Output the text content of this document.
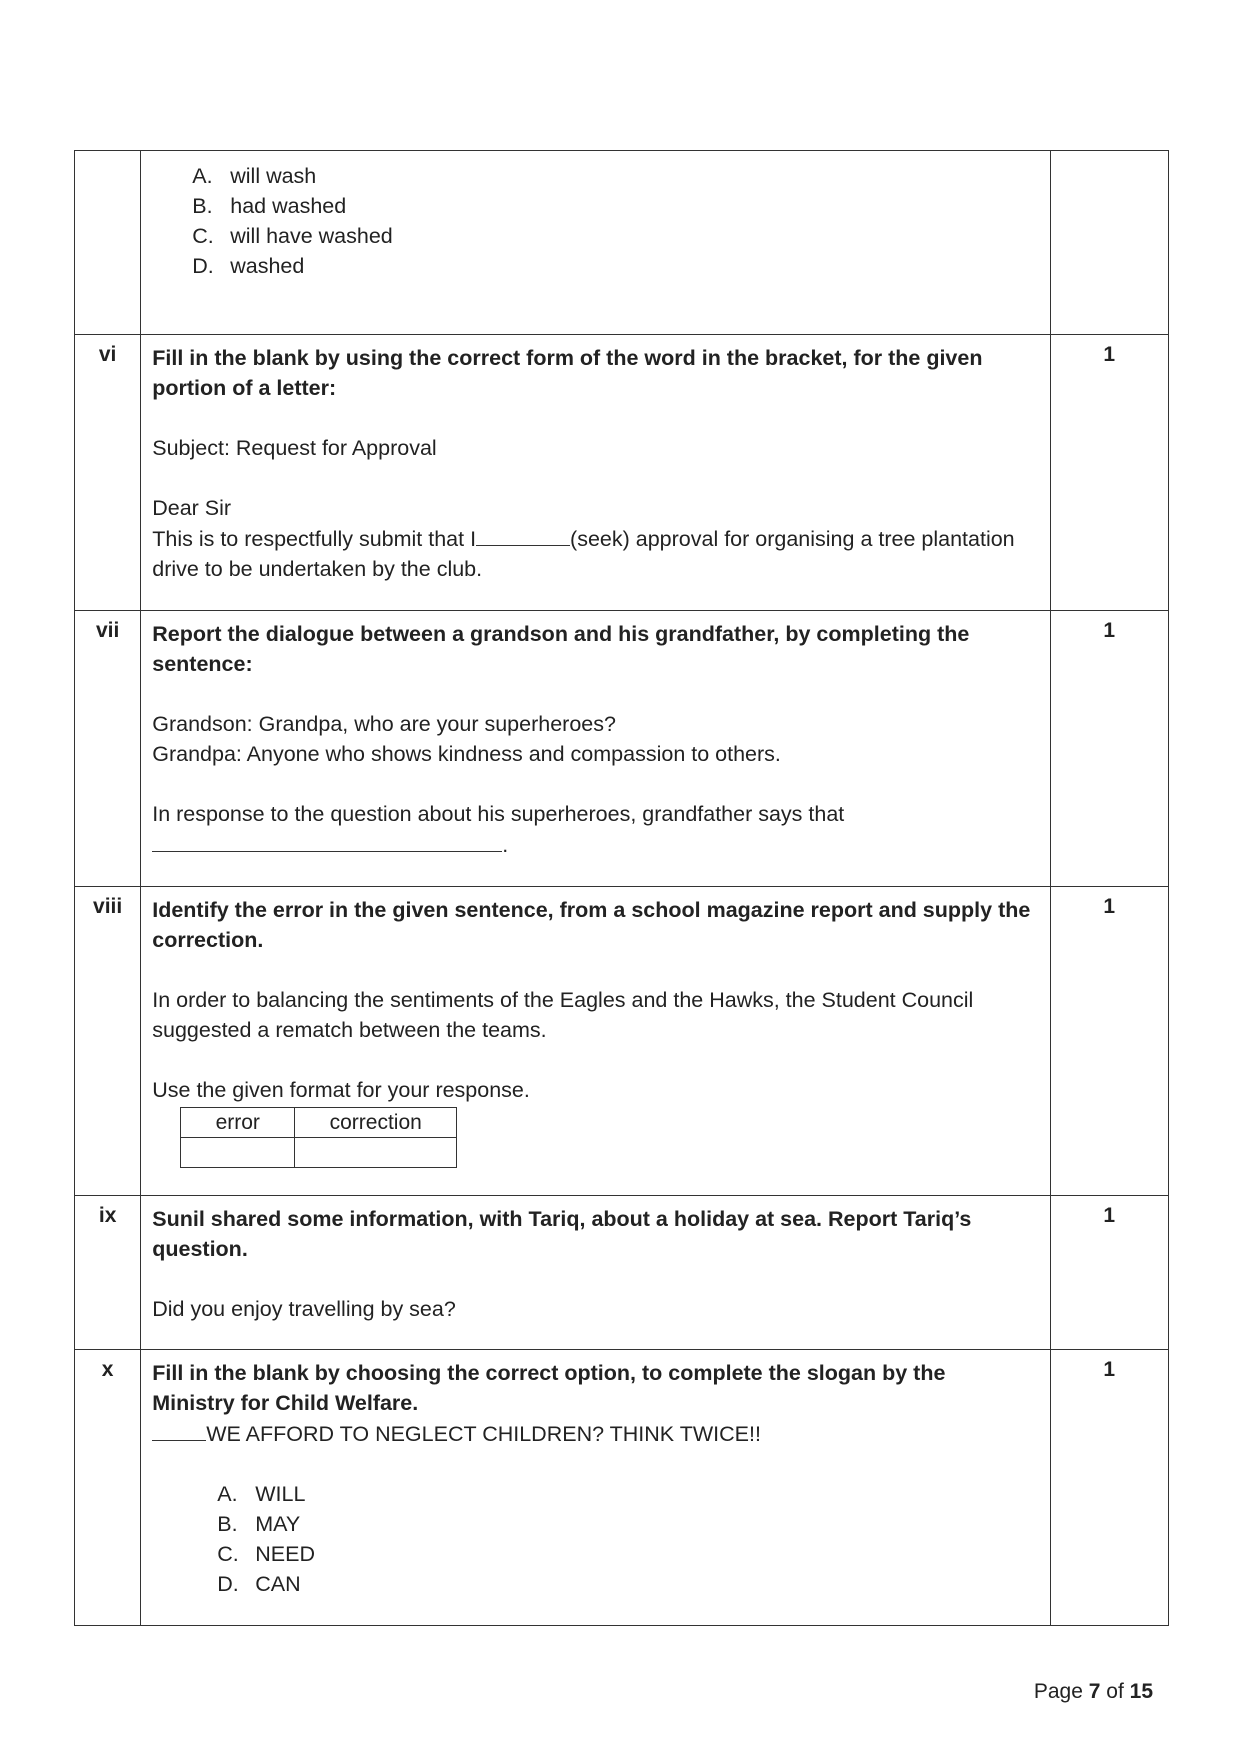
A. will wash
B. had washed
C. will have washed
D. washed

vi	Fill in the blank by using the correct form of the word in the bracket, for the given portion of a letter:

Subject: Request for Approval

Dear Sir

This is to respectfully submit that I	(seek) approval for organising a tree plantation drive to be undertaken by the club.

	1
vii	Report the dialogue between a grandson and his grandfather, by completing the sentence:

Grandson: Grandpa, who are your superheroes?

Grandpa: Anyone who shows kindness and compassion to others.

In response to the question about his superheroes, grandfather says that

.

	1
viii	Identify the error in the given sentence, from a school magazine report and supply the correction.

In order to balancing the sentiments of the Eagles and the Hawks, the Student Council suggested a rematch between the teams.

Use the given format for your response.

error	correction

	1
ix	Sunil shared some information, with Tariq, about a holiday at sea. Report Tariq’s question.

Did you enjoy travelling by sea?

	1
x	Fill in the blank by choosing the correct option, to complete the slogan by the Ministry for Child Welfare.

WE AFFORD TO NEGLECT CHILDREN? THINK TWICE!!

A. WILL
B. MAY
C. NEED
D. CAN
	1
Page 7 of 15
